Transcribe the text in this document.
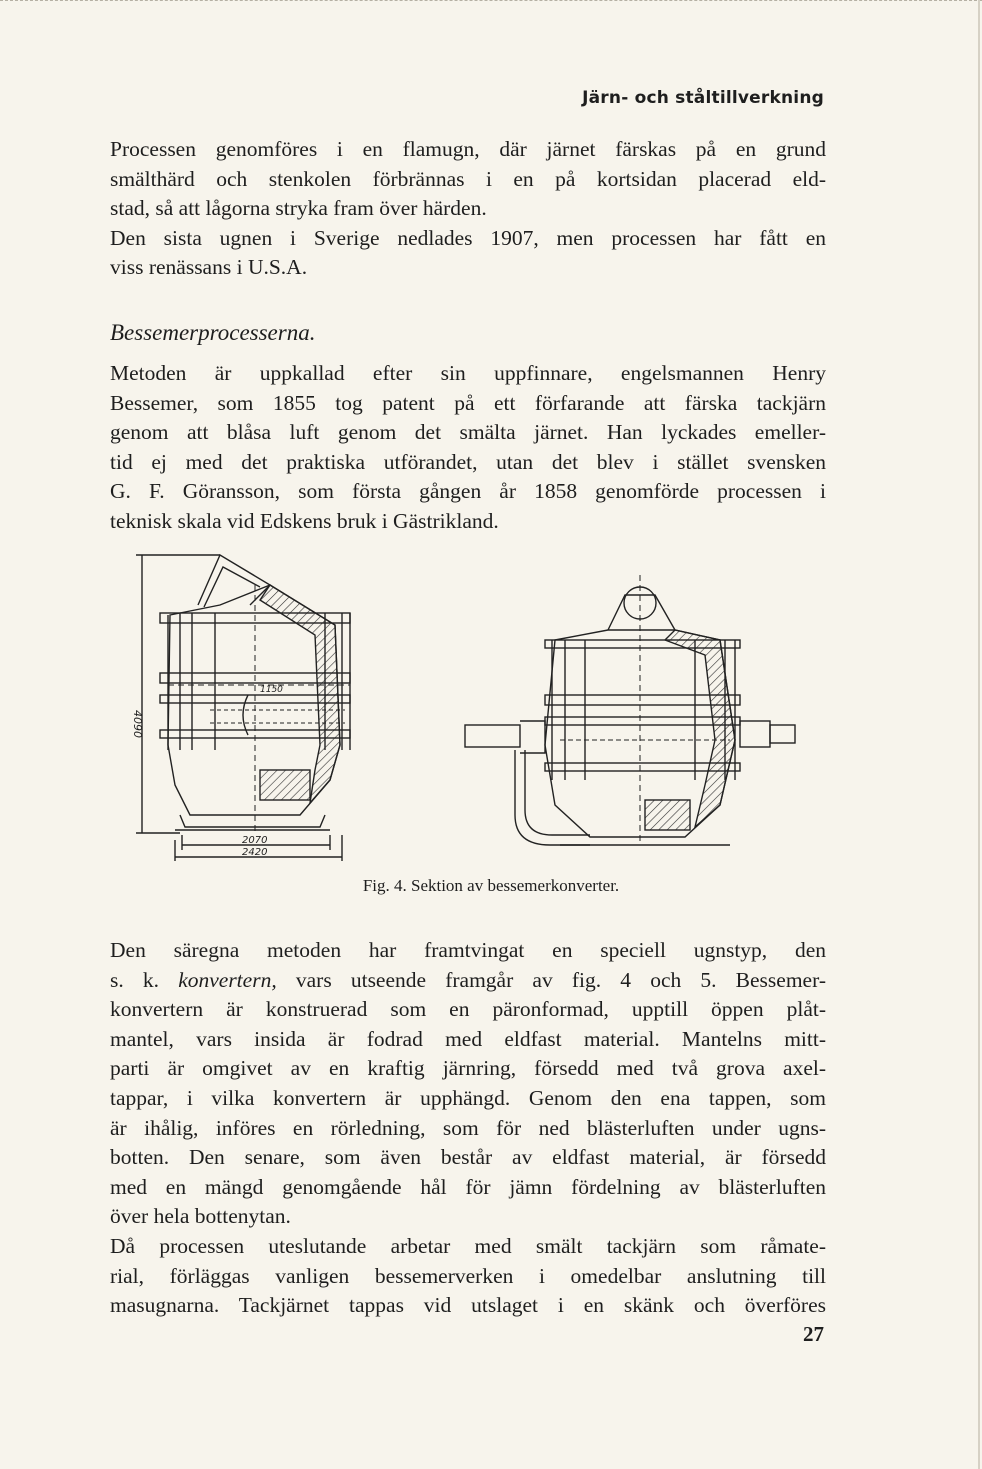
Järn- och ståltillverkning

Processen genomföres i en flamugn, där järnet färskas på en grund

smälthärd och stenkolen förbrännas i en på kortsidan placerad eld-

stad, så att lågorna stryka fram över härden.

Den sista ugnen i Sverige nedlades 1907, men processen har fått en

viss renässans i U.S.A.

Bessemerprocesserna.

Metoden är uppkallad efter sin uppfinnare, engelsmannen Henry

Bessemer, som 1855 tog patent på ett förfarande att färska tackjärn

genom att blåsa luft genom det smälta järnet. Han lyckades emeller-

tid ej med det praktiska utförandet, utan det blev i stället svensken

G. F. Göransson, som första gången år 1858 genomförde processen i

teknisk skala vid Edskens bruk i Gästrikland.

4090
1150
2070
2420
Fig. 4. Sektion av bessemerkonverter.

Den säregna metoden har framtvingat en speciell ugnstyp, den

s. k. konvertern, vars utseende framgår av fig. 4 och 5. Bessemer-

konvertern är konstruerad som en päronformad, upptill öppen plåt-

mantel, vars insida är fodrad med eldfast material. Mantelns mitt-

parti är omgivet av en kraftig järnring, försedd med två grova axel-

tappar, i vilka konvertern är upphängd. Genom den ena tappen, som

är ihålig, införes en rörledning, som för ned blästerluften under ugns-

botten. Den senare, som även består av eldfast material, är försedd

med en mängd genomgående hål för jämn fördelning av blästerluften

över hela bottenytan.

Då processen uteslutande arbetar med smält tackjärn som råmate-

rial, förläggas vanligen bessemerverken i omedelbar anslutning till

masugnarna. Tackjärnet tappas vid utslaget i en skänk och överföres

27
